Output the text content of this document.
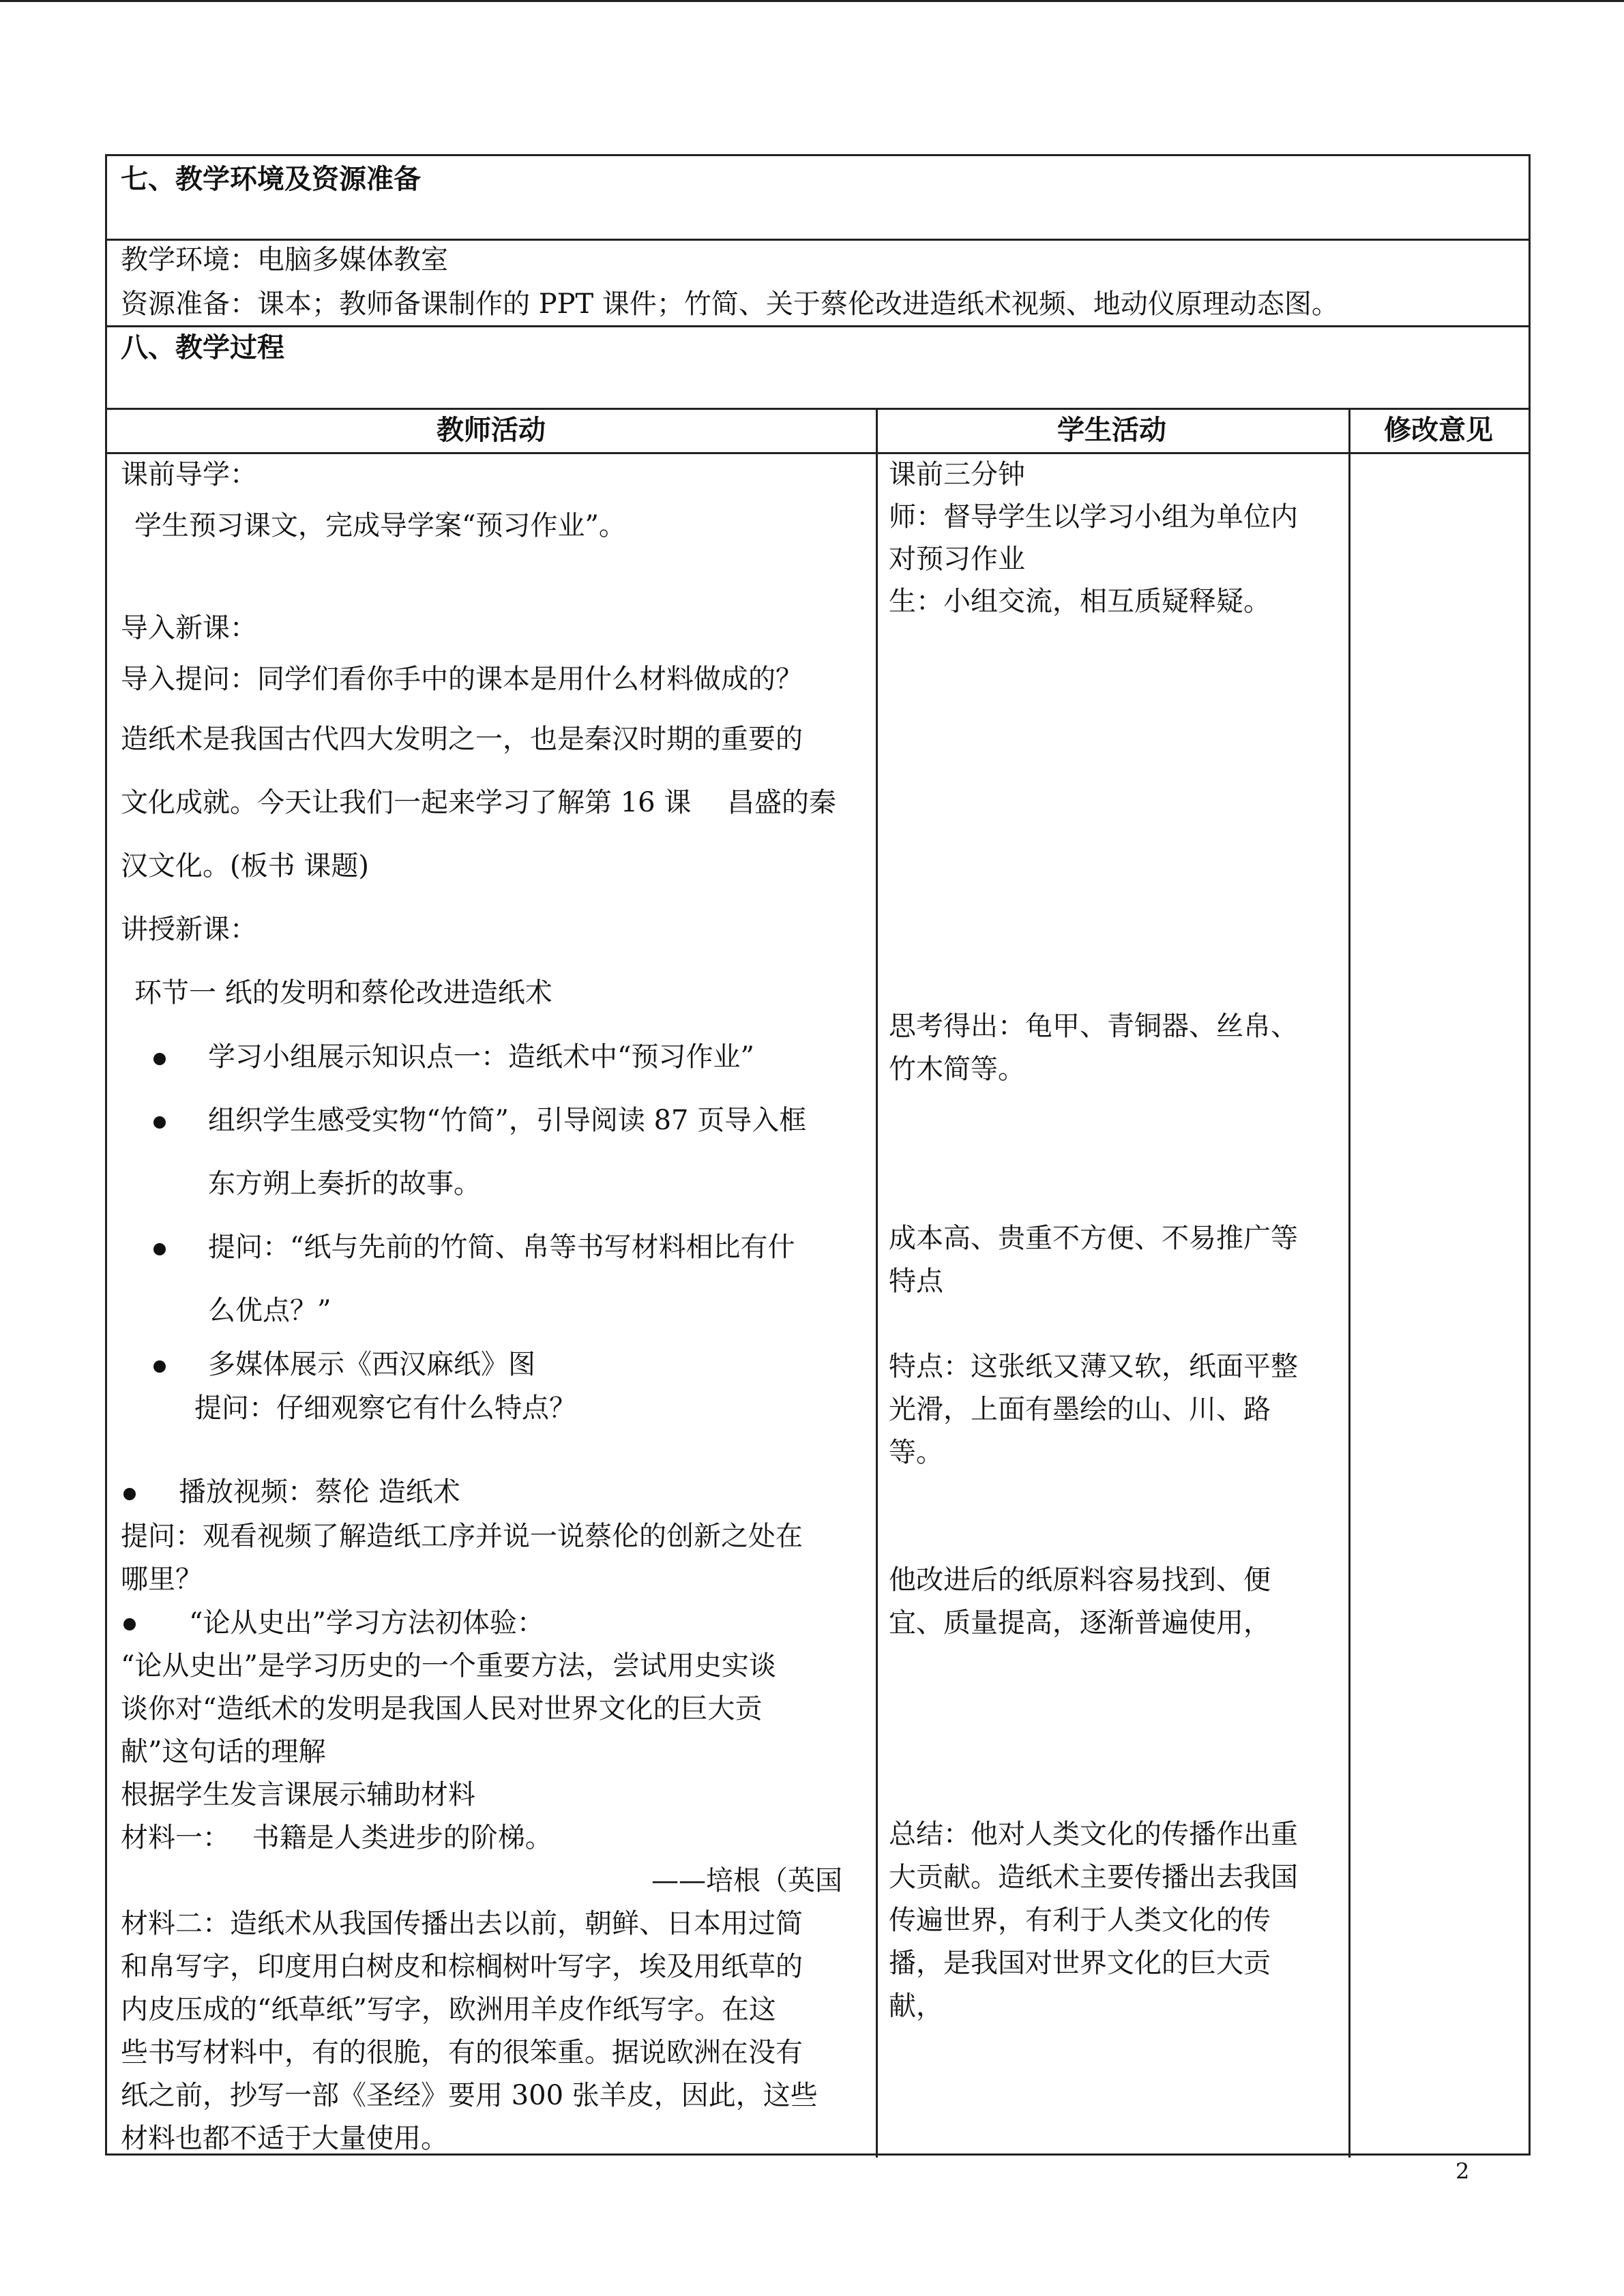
七、教学环境及资源准备
教学环境：电脑多媒体教室
资源准备：课本；教师备课制作的 PPT 课件；竹简、关于蔡伦改进造纸术视频、地动仪原理动态图。
八、教学过程
教师活动	学生活动	修改意见
课前导学：
学生预习课文，完成导学案“预习作业”。
导入新课：
导入提问：同学们看你手中的课本是用什么材料做成的？
造纸术是我国古代四大发明之一，也是秦汉时期的重要的
文化成就。今天让我们一起来学习了解第 16 课　 昌盛的秦
汉文化。(板书 课题)
讲授新课：
环节一 纸的发明和蔡伦改进造纸术
学习小组展示知识点一：造纸术中“预习作业”
组织学生感受实物“竹简”，引导阅读 87 页导入框
东方朔上奏折的故事。
提问：“纸与先前的竹简、帛等书写材料相比有什
么优点？”
多媒体展示《西汉麻纸》图
提问：仔细观察它有什么特点？
播放视频：蔡伦 造纸术
提问：观看视频了解造纸工序并说一说蔡伦的创新之处在
哪里？
“论从史出”学习方法初体验：
“论从史出”是学习历史的一个重要方法，尝试用史实谈
谈你对“造纸术的发明是我国人民对世界文化的巨大贡
献”这句话的理解
根据学生发言课展示辅助材料
材料一：　 书籍是人类进步的阶梯。
——培根（英国
材料二：造纸术从我国传播出去以前，朝鲜、日本用过简
和帛写字，印度用白树皮和棕榈树叶写字，埃及用纸草的
内皮压成的“纸草纸”写字，欧洲用羊皮作纸写字。在这
些书写材料中，有的很脆，有的很笨重。据说欧洲在没有
纸之前，抄写一部《圣经》要用 300 张羊皮，因此，这些
材料也都不适于大量使用。
课前三分钟
师：督导学生以学习小组为单位内
对预习作业
生：小组交流，相互质疑释疑。
思考得出：龟甲、青铜器、丝帛、
竹木简等。
成本高、贵重不方便、不易推广等
特点
特点：这张纸又薄又软，纸面平整
光滑，上面有墨绘的山、川、路
等。
他改进后的纸原料容易找到、便
宜、质量提高，逐渐普遍使用，
总结：他对人类文化的传播作出重
大贡献。造纸术主要传播出去我国
传遍世界，有利于人类文化的传
播，是我国对世界文化的巨大贡
献，
2
